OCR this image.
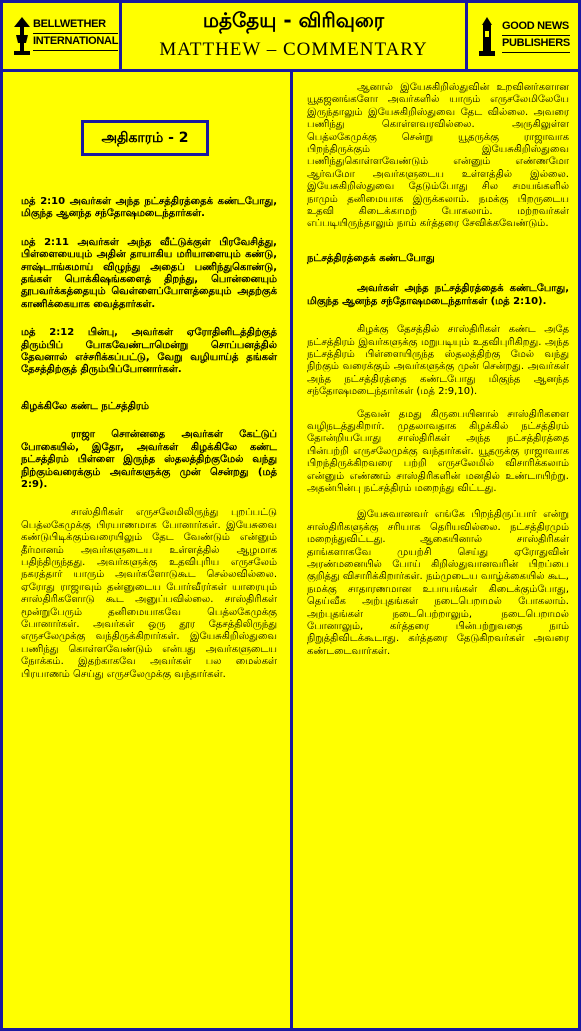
BELLWETHER
INTERNATIONAL
மத்தேயு - விரிவுரை
MATTHEW – COMMENTARY
GOOD NEWS
PUBLISHERS
அதிகாரம் - 2

மத் 2:10 அவர்கள் அந்த நட்சத்திரத்தைக் கண்டபோது, மிகுந்த ஆனந்த சந்தோஷமடைந்தார்கள்.

மத் 2:11 அவர்கள் அந்த வீட்டுக்குள் பிரவேசித்து, பிள்ளையையும் அதின் தாயாகிய மரியாளையும் கண்டு, சாஷ்டாங்கமாய் விழுந்து அதைப் பணிந்துகொண்டு, தங்கள் பொக்கிஷங்களைத் திறந்து, பொன்னையும் தூபவர்க்கத்தையும் வெள்ளைப்போளத்தையும் அதற்குக் காணிக்கையாக வைத்தார்கள்.

மத் 2:12 பின்பு, அவர்கள் ஏரோதினிடத்திற்குத் திரும்பிப் போகவேண்டாமென்று சொப்பனத்தில் தேவனால் எச்சரிக்கப்பட்டு, வேறு வழியாய்த் தங்கள் தேசத்திற்குத் திரும்பிப்போனார்கள்.

கிழக்கிலே கண்ட நட்சத்திரம்

ராஜா சொன்னதை அவர்கள் கேட்டுப் போகையில், இதோ, அவர்கள் கிழக்கிலே கண்ட நட்சத்திரம் பிள்ளை இருந்த ஸ்தலத்திற்குமேல் வந்து நிற்கும்வரைக்கும் அவர்களுக்கு முன் சென்றது (மத் 2:9).

சாஸ்திரிகள் எருசலேமிலிருந்து புறப்பட்டு பெத்லகேமுக்கு பிரயாணமாக போனார்கள். இயேசுவை கண்டுபிடிக்கும்வரையிலும் தேட வேண்டும் என்னும் தீர்மானம் அவர்களுடைய உள்ளத்தில் ஆழமாக பதிந்திருந்தது. அவர்களுக்கு உதவிபுரிய எருசலேம் நகரத்தார் யாரும் அவர்களோடுகூட செல்லவில்லை. ஏரோது ராஜாவும் தன்னுடைய போர்வீரர்கள் யாரையும் சாஸ்திரிகளோடு கூட அனுப்பவில்லை. சாஸ்திரிகள் மூன்றுபேரும் தனிமையாகவே பெத்லகேமுக்கு போனார்கள். அவர்கள் ஒரு தூர தேசத்திலிருந்து எருசலேமுக்கு வந்திருக்கிறார்கள். இயேசுகிறிஸ்துவை பணிந்து கொள்ளவேண்டும் என்பது அவர்களுடைய நோக்கம். இதற்காகவே அவர்கள் பல மைல்கள் பிரயாணம் செய்து எருசலேமுக்கு வந்தார்கள்.

ஆனால் இயேசுகிறிஸ்துவின் உறவினர்களான யூதஜனங்களோ அவர்களில் யாரும் எருசலேமிலேயே இருந்தாலும் இயேசுகிறிஸ்துவை தேட வில்லை. அவரை பணிந்து கொள்ளவரவில்லை. அருகிலுள்ள பெத்லகேமுக்கு சென்று யூதருக்கு ராஜாவாக பிறந்திருக்கும் இயேசுகிறிஸ்துவை பணிந்துகொள்ளவேண்டும் என்னும் எண்ணமோ ஆர்வமோ அவர்களுடைய உள்ளத்தில் இல்லை. இயேசுகிறிஸ்துவை தேடும்போது சில சமயங்களில் நாமும் தனிமையாக இருக்கலாம். நமக்கு பிறருடைய உதவி கிடைக்காமற் போகலாம். மற்றவர்கள் எப்படியிருந்தாலும் நாம் கர்த்தரை சேவிக்கவேண்டும்.

நட்சத்திரத்தைக் கண்டபோது

அவர்கள் அந்த நட்சத்திரத்தைக் கண்டபோது, மிகுந்த ஆனந்த சந்தோஷமடைந்தார்கள் (மத் 2:10).

கிழக்கு தேசத்தில் சாஸ்திரிகள் கண்ட அதே நட்சத்திரம் இவர்களுக்கு மறுபடியும் உதவிபுரிகிறது. அந்த நட்சத்திரம் பிள்ளையிருந்த ஸ்தலத்திற்கு மேல் வந்து நிற்கும் வரைக்கும் அவர்களுக்கு முன் சென்றது. அவர்கள் அந்த நட்சத்திரத்தை கண்டபோது மிகுந்த ஆனந்த சந்தோஷமடைந்தார்கள் (மத் 2:9,10).

தேவன் தமது கிருபையினால் சாஸ்திரிகளை வழிநடத்துகிறார். முதலாவதாக கிழக்கில் நட்சத்திரம் தோன்றியபோது சாஸ்திரிகள் அந்த நட்சத்திரத்தை பின்பற்றி எருசலேமுக்கு வந்தார்கள். யூதருக்கு ராஜாவாக பிறந்திருக்கிறவரை பற்றி எருசலேமில் விசாரிக்கலாம் என்னும் எண்ணம் சாஸ்திரிகளின் மனதில் உண்டாயிற்று. அதன்பின்பு நட்சத்திரம் மறைந்து விட்டது.

இயேசுவானவர் எங்கே பிறந்திருப்பார் என்று சாஸ்திரிகளுக்கு சரியாக தெரியவில்லை. நட்சத்திரமும் மறைந்துவிட்டது. ஆகையினால் சாஸ்திரிகள் தாங்களாகவே முயற்சி செய்து ஏரோதுவின் அரண்மனையில் போய் கிறிஸ்துவானவரின் பிறப்பை குறித்து விசாரிக்கிறார்கள். நம்முடைய வாழ்க்கையில் கூட, நமக்கு சாதாரணமான உபாயங்கள் கிடைக்கும்போது, தெய்வீக அற்புதங்கள் நடைபெறாமல் போகலாம். அற்புதங்கள் நடைபெற்றாலும், நடைபெறாமல் போனாலும், கர்த்தரை பின்பற்றுவதை நாம் நிறுத்திவிடக்கூடாது. கர்த்தரை தேடுகிறவர்கள் அவரை கண்டடைவார்கள்.
